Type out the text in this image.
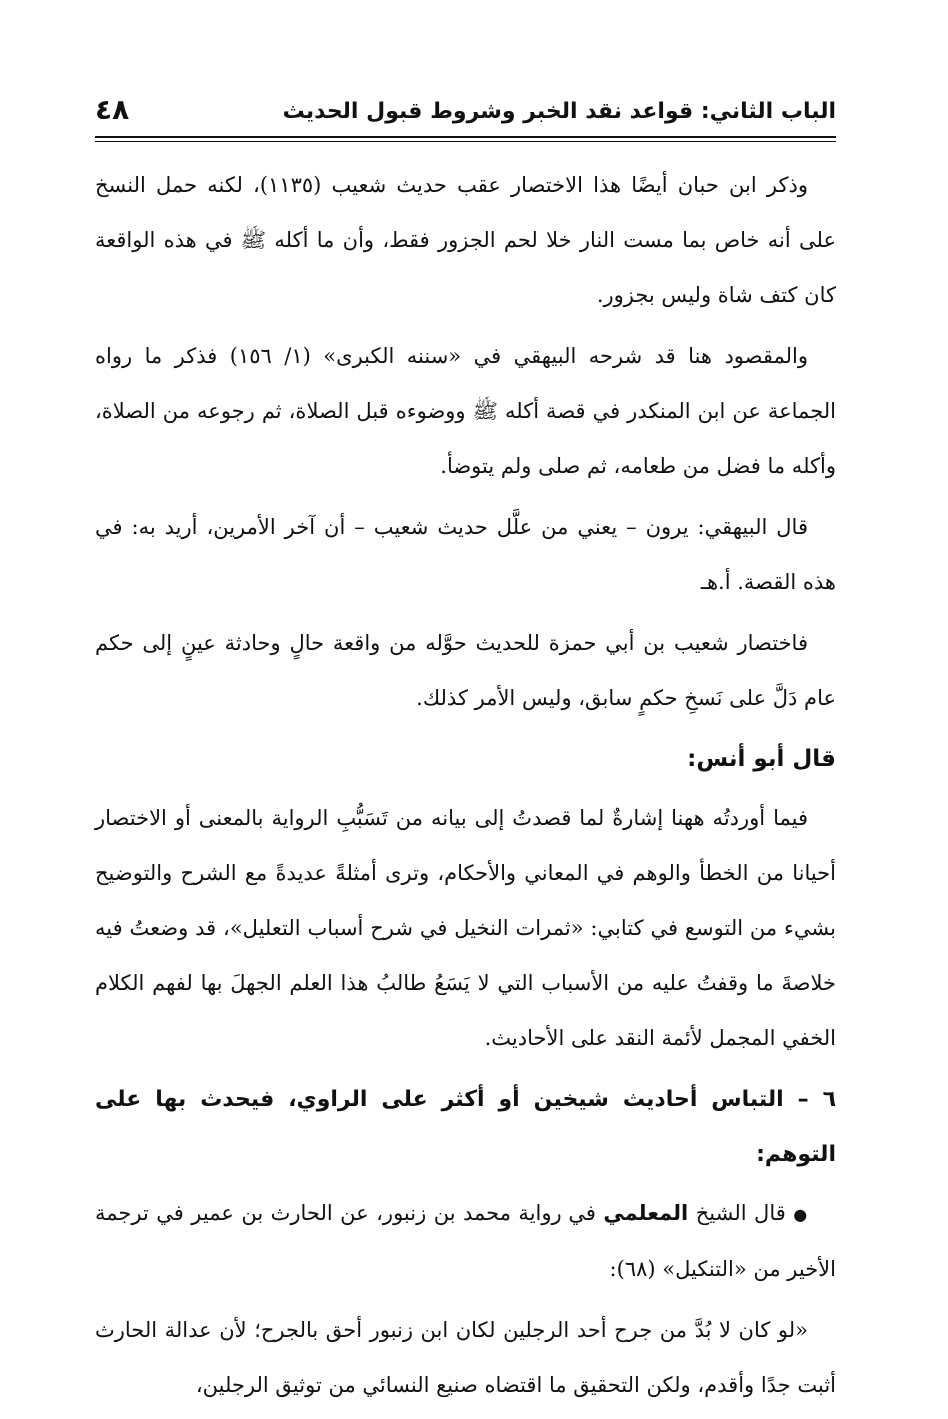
الباب الثاني: قواعد نقد الخبر وشروط قبول الحديث
٤٨

وذكر ابن حبان أيضًا هذا الاختصار عقب حديث شعيب (١١٣٥)، لكنه حمل النسخ على أنه خاص بما مست النار خلا لحم الجزور فقط، وأن ما أكله ﷺ في هذه الواقعة كان كتف شاة وليس بجزور.

والمقصود هنا قد شرحه البيهقي في «سننه الكبرى» (١/ ١٥٦) فذكر ما رواه الجماعة عن ابن المنكدر في قصة أكله ﷺ ووضوءه قبل الصلاة، ثم رجوعه من الصلاة، وأكله ما فضل من طعامه، ثم صلى ولم يتوضأ.

قال البيهقي: يرون – يعني من علَّل حديث شعيب – أن آخر الأمرين، أريد به: في هذه القصة. أ.هـ

فاختصار شعيب بن أبي حمزة للحديث حوَّله من واقعة حالٍ وحادثة عينٍ إلى حكم عام دَلَّ على نَسخِ حكمٍ سابق، وليس الأمر كذلك.

قال أبو أنس:

فيما أوردتُه ههنا إشارةٌ لما قصدتُ إلى بيانه من تَسَبُّبِ الرواية بالمعنى أو الاختصار أحيانا من الخطأ والوهم في المعاني والأحكام، وترى أمثلةً عديدةً مع الشرح والتوضيح بشيء من التوسع في كتابي: «ثمرات النخيل في شرح أسباب التعليل»، قد وضعتُ فيه خلاصةَ ما وقفتُ عليه من الأسباب التي لا يَسَعُ طالبُ هذا العلم الجهلَ بها لفهم الكلام الخفي المجمل لأئمة النقد على الأحاديث.

٦ – التباس أحاديث شيخين أو أكثر على الراوي، فيحدث بها على التوهم:

● قال الشيخ المعلمي في رواية محمد بن زنبور، عن الحارث بن عمير في ترجمة الأخير من «التنكيل» (٦٨):

«لو كان لا بُدَّ من جرح أحد الرجلين لكان ابن زنبور أحق بالجرح؛ لأن عدالة الحارث أثبت جدًا وأقدم، ولكن التحقيق ما اقتضاه صنيع النسائي من توثيق الرجلين،
